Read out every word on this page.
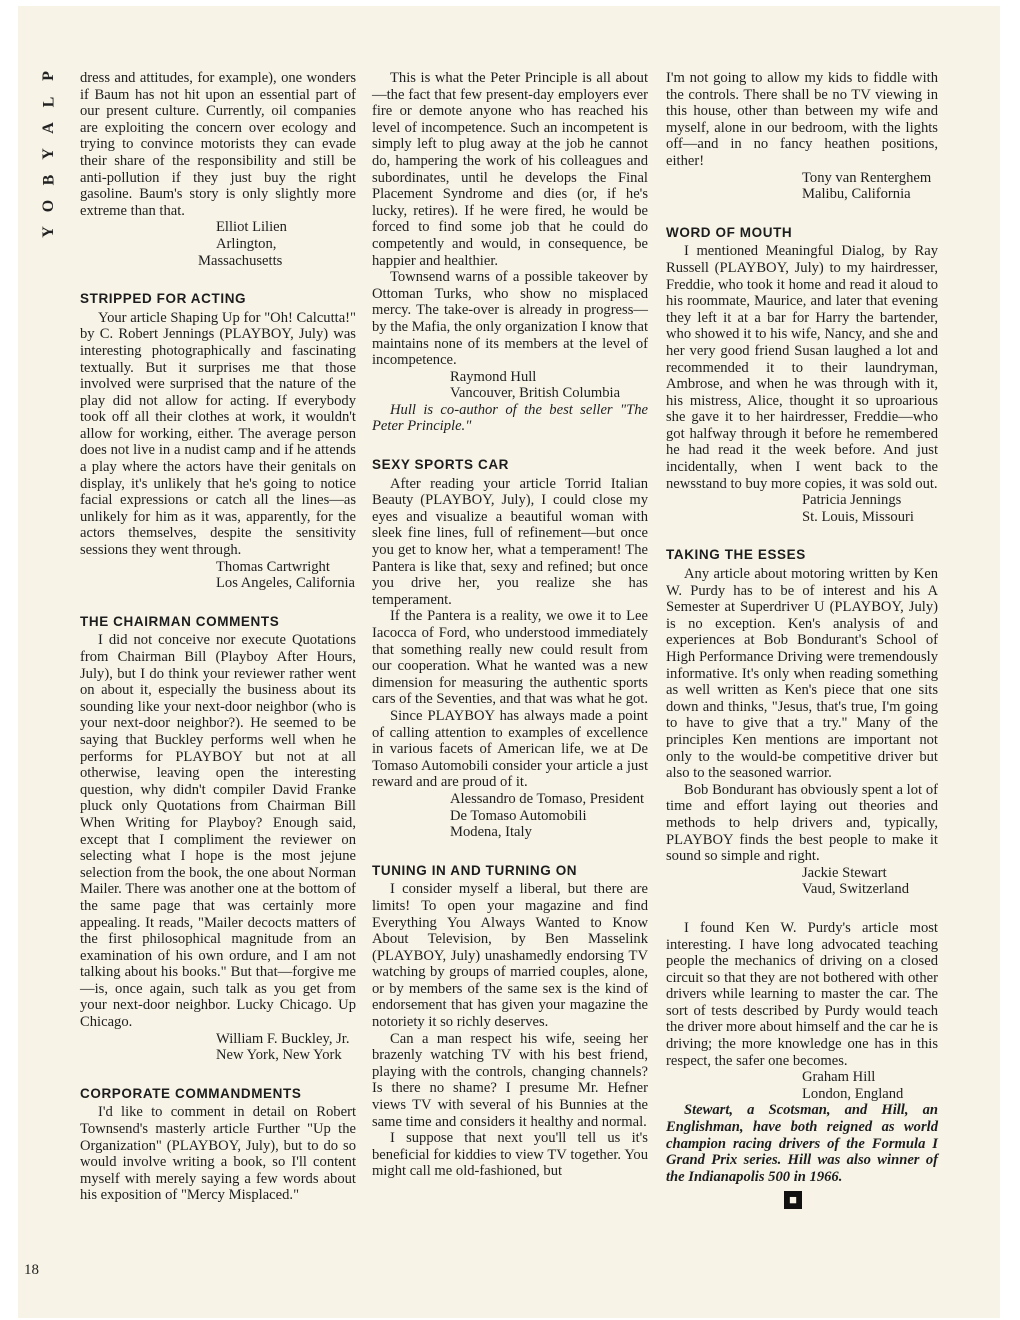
P
L
A
Y
B
O
Y
18

dress and attitudes, for example), one wonders if Baum has not hit upon an essential part of our present culture. Currently, oil companies are exploiting the concern over ecology and trying to convince motorists they can evade their share of the responsibility and still be anti-pollution if they just buy the right gasoline. Baum's story is only slightly more extreme than that.

Elliot Lilien

Arlington, Massachusetts

STRIPPED FOR ACTING

Your article Shaping Up for "Oh! Calcutta!" by C. Robert Jennings (PLAYBOY, July) was interesting photographically and fascinating textually. But it surprises me that those involved were surprised that the nature of the play did not allow for acting. If everybody took off all their clothes at work, it wouldn't allow for working, either. The average person does not live in a nudist camp and if he attends a play where the actors have their genitals on display, it's unlikely that he's going to notice facial expressions or catch all the lines—as unlikely for him as it was, apparently, for the actors themselves, despite the sensitivity sessions they went through.

Thomas Cartwright

Los Angeles, California

THE CHAIRMAN COMMENTS

I did not conceive nor execute Quotations from Chairman Bill (Playboy After Hours, July), but I do think your reviewer rather went on about it, especially the business about its sounding like your next-door neighbor (who is your next-door neighbor?). He seemed to be saying that Buckley performs well when he performs for PLAYBOY but not at all otherwise, leaving open the interesting question, why didn't compiler David Franke pluck only Quotations from Chairman Bill When Writing for Playboy? Enough said, except that I compliment the reviewer on selecting what I hope is the most jejune selection from the book, the one about Norman Mailer. There was another one at the bottom of the same page that was certainly more appealing. It reads, "Mailer decocts matters of the first philosophical magnitude from an examination of his own ordure, and I am not talking about his books." But that—forgive me—is, once again, such talk as you get from your next-door neighbor. Lucky Chicago. Up Chicago.

William F. Buckley, Jr.

New York, New York

CORPORATE COMMANDMENTS

I'd like to comment in detail on Robert Townsend's masterly article Further "Up the Organization" (PLAYBOY, July), but to do so would involve writing a book, so I'll content myself with merely saying a few words about his exposition of "Mercy Misplaced."

This is what the Peter Principle is all about—the fact that few present-day employers ever fire or demote anyone who has reached his level of incompetence. Such an incompetent is simply left to plug away at the job he cannot do, hampering the work of his colleagues and subordinates, until he develops the Final Placement Syndrome and dies (or, if he's lucky, retires). If he were fired, he would be forced to find some job that he could do competently and would, in consequence, be happier and healthier.

Townsend warns of a possible takeover by Ottoman Turks, who show no misplaced mercy. The take-over is already in progress—by the Mafia, the only organization I know that maintains none of its members at the level of incompetence.

Raymond Hull

Vancouver, British Columbia

Hull is co-author of the best seller "The Peter Principle."

SEXY SPORTS CAR

After reading your article Torrid Italian Beauty (PLAYBOY, July), I could close my eyes and visualize a beautiful woman with sleek fine lines, full of refinement—but once you get to know her, what a temperament! The Pantera is like that, sexy and refined; but once you drive her, you realize she has temperament.

If the Pantera is a reality, we owe it to Lee Iacocca of Ford, who understood immediately that something really new could result from our cooperation. What he wanted was a new dimension for measuring the authentic sports cars of the Seventies, and that was what he got.

Since PLAYBOY has always made a point of calling attention to examples of excellence in various facets of American life, we at De Tomaso Automobili consider your article a just reward and are proud of it.

Alessandro de Tomaso, President

De Tomaso Automobili

Modena, Italy

TUNING IN AND TURNING ON

I consider myself a liberal, but there are limits! To open your magazine and find Everything You Always Wanted to Know About Television, by Ben Masselink (PLAYBOY, July) unashamedly endorsing TV watching by groups of married couples, alone, or by members of the same sex is the kind of endorsement that has given your magazine the notoriety it so richly deserves.

Can a man respect his wife, seeing her brazenly watching TV with his best friend, playing with the controls, changing channels? Is there no shame? I presume Mr. Hefner views TV with several of his Bunnies at the same time and considers it healthy and normal.

I suppose that next you'll tell us it's beneficial for kiddies to view TV together. You might call me old-fashioned, but

I'm not going to allow my kids to fiddle with the controls. There shall be no TV viewing in this house, other than between my wife and myself, alone in our bedroom, with the lights off—and in no fancy heathen positions, either!

Tony van Renterghem

Malibu, California

WORD OF MOUTH

I mentioned Meaningful Dialog, by Ray Russell (PLAYBOY, July) to my hairdresser, Freddie, who took it home and read it aloud to his roommate, Maurice, and later that evening they left it at a bar for Harry the bartender, who showed it to his wife, Nancy, and she and her very good friend Susan laughed a lot and recommended it to their laundryman, Ambrose, and when he was through with it, his mistress, Alice, thought it so uproarious she gave it to her hairdresser, Freddie—who got halfway through it before he remembered he had read it the week before. And just incidentally, when I went back to the newsstand to buy more copies, it was sold out.

Patricia Jennings

St. Louis, Missouri

TAKING THE ESSES

Any article about motoring written by Ken W. Purdy has to be of interest and his A Semester at Superdriver U (PLAYBOY, July) is no exception. Ken's analysis of and experiences at Bob Bondurant's School of High Performance Driving were tremendously informative. It's only when reading something as well written as Ken's piece that one sits down and thinks, "Jesus, that's true, I'm going to have to give that a try." Many of the principles Ken mentions are important not only to the would-be competitive driver but also to the seasoned warrior.

Bob Bondurant has obviously spent a lot of time and effort laying out theories and methods to help drivers and, typically, PLAYBOY finds the best people to make it sound so simple and right.

Jackie Stewart

Vaud, Switzerland

I found Ken W. Purdy's article most interesting. I have long advocated teaching people the mechanics of driving on a closed circuit so that they are not bothered with other drivers while learning to master the car. The sort of tests described by Purdy would teach the driver more about himself and the car he is driving; the more knowledge one has in this respect, the safer one becomes.

Graham Hill

London, England

Stewart, a Scotsman, and Hill, an Englishman, have both reigned as world champion racing drivers of the Formula I Grand Prix series. Hill was also winner of the Indianapolis 500 in 1966.

■
